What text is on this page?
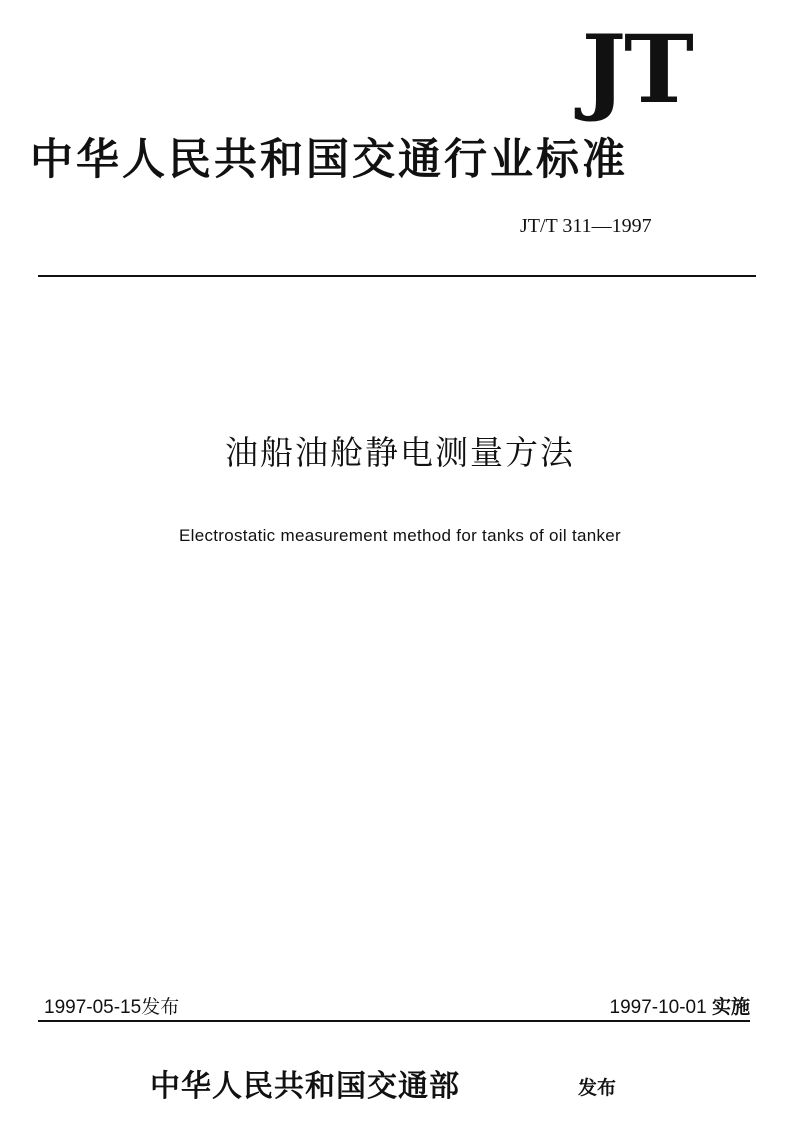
JT
中华人民共和国交通行业标准
JT/T 311—1997
油船油舱静电测量方法
Electrostatic measurement method for tanks of oil tanker
1997-05-15发布	1997-10-01 实施
中华人民共和国交通部	发布
